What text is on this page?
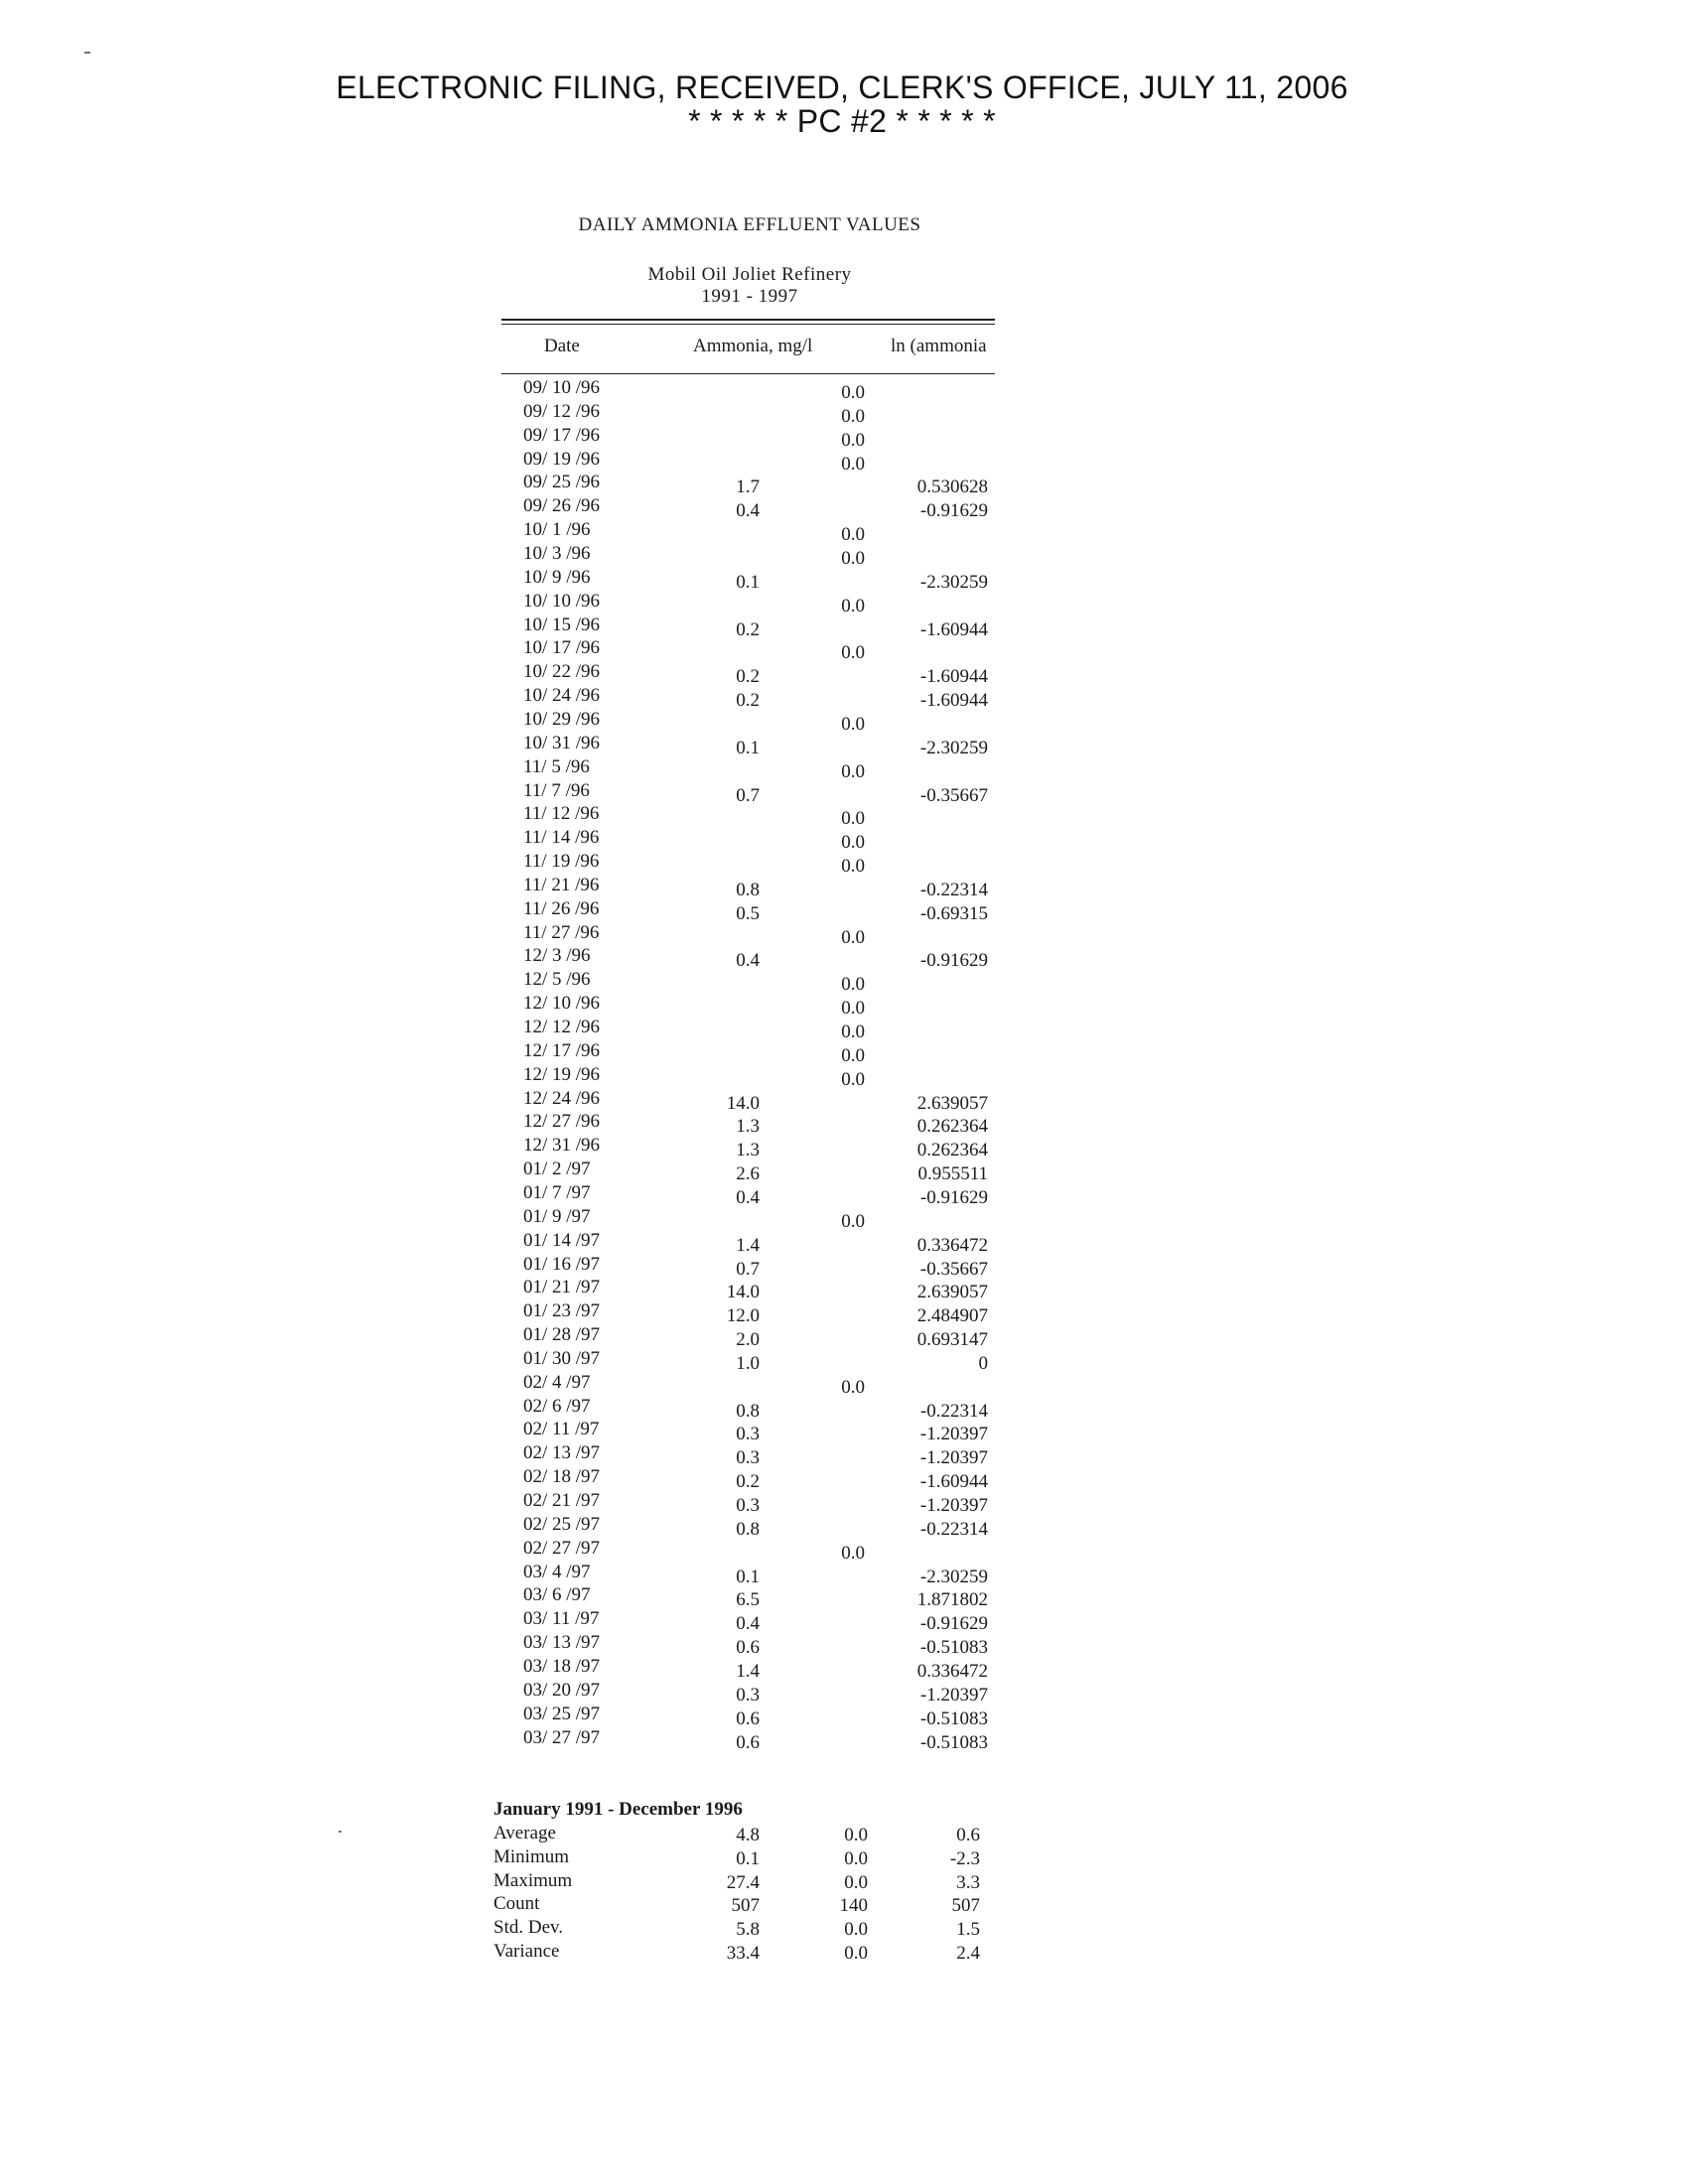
ELECTRONIC FILING, RECEIVED, CLERK'S OFFICE, JULY 11, 2006
* * * * * PC #2 * * * * *
DAILY AMMONIA EFFLUENT VALUES
Mobil Oil Joliet Refinery
1991 - 1997
Date	Ammonia, mg/l	ln (ammonia
09/ 10 /96	0.0
09/ 12 /96	0.0
09/ 17 /96	0.0
09/ 19 /96	0.0
09/ 25 /96	1.7	0.530628
09/ 26 /96	0.4	-0.91629
10/ 1 /96	0.0
10/ 3 /96	0.0
10/ 9 /96	0.1	-2.30259
10/ 10 /96	0.0
10/ 15 /96	0.2	-1.60944
10/ 17 /96	0.0
10/ 22 /96	0.2	-1.60944
10/ 24 /96	0.2	-1.60944
10/ 29 /96	0.0
10/ 31 /96	0.1	-2.30259
11/ 5 /96	0.0
11/ 7 /96	0.7	-0.35667
11/ 12 /96	0.0
11/ 14 /96	0.0
11/ 19 /96	0.0
11/ 21 /96	0.8	-0.22314
11/ 26 /96	0.5	-0.69315
11/ 27 /96	0.0
12/ 3 /96	0.4	-0.91629
12/ 5 /96	0.0
12/ 10 /96	0.0
12/ 12 /96	0.0
12/ 17 /96	0.0
12/ 19 /96	0.0
12/ 24 /96	14.0	2.639057
12/ 27 /96	1.3	0.262364
12/ 31 /96	1.3	0.262364
01/ 2 /97	2.6	0.955511
01/ 7 /97	0.4	-0.91629
01/ 9 /97	0.0
01/ 14 /97	1.4	0.336472
01/ 16 /97	0.7	-0.35667
01/ 21 /97	14.0	2.639057
01/ 23 /97	12.0	2.484907
01/ 28 /97	2.0	0.693147
01/ 30 /97	1.0	0
02/ 4 /97	0.0
02/ 6 /97	0.8	-0.22314
02/ 11 /97	0.3	-1.20397
02/ 13 /97	0.3	-1.20397
02/ 18 /97	0.2	-1.60944
02/ 21 /97	0.3	-1.20397
02/ 25 /97	0.8	-0.22314
02/ 27 /97	0.0
03/ 4 /97	0.1	-2.30259
03/ 6 /97	6.5	1.871802
03/ 11 /97	0.4	-0.91629
03/ 13 /97	0.6	-0.51083
03/ 18 /97	1.4	0.336472
03/ 20 /97	0.3	-1.20397
03/ 25 /97	0.6	-0.51083
03/ 27 /97	0.6	-0.51083
January 1991 - December 1996
Average	4.8	0.0	0.6
Minimum	0.1	0.0	-2.3
Maximum	27.4	0.0	3.3
Count	507	140	507
Std. Dev.	5.8	0.0	1.5
Variance	33.4	0.0	2.4
